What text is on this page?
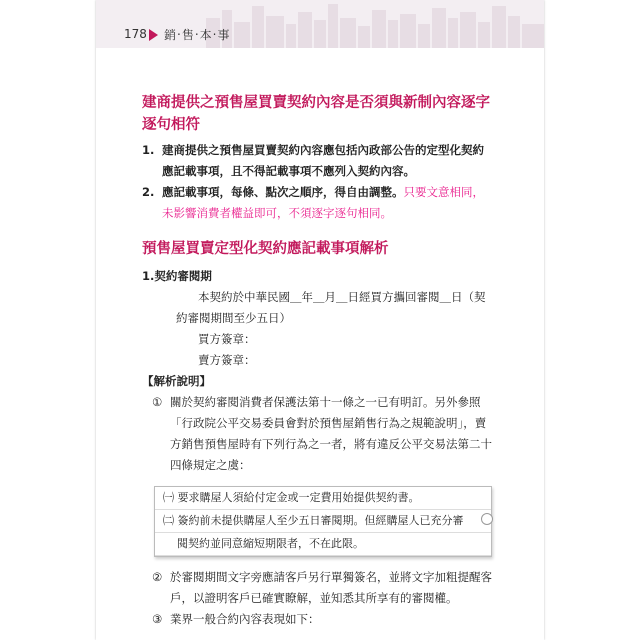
178 銷‧售‧本‧事
建商提供之預售屋買賣契約內容是否須與新制內容逐字逐句相符
1. 建商提供之預售屋買賣契約內容應包括內政部公告的定型化契約應記載事項，且不得記載事項不應列入契約內容。
2. 應記載事項，每條、點次之順序，得自由調整。只要文意相同，未影響消費者權益即可，不須逐字逐句相同。
預售屋買賣定型化契約應記載事項解析
1.契約審閱期
本契約於中華民國＿年＿月＿日經買方攜回審閱＿日（契約審閱期間至少五日）
買方簽章：
賣方簽章：
【解析說明】
① 關於契約審閱消費者保護法第十一條之一已有明訂。另外參照「行政院公平交易委員會對於預售屋銷售行為之規範說明」，賣方銷售預售屋時有下列行為之一者，將有違反公平交易法第二十四條規定之虞：
㈠ 要求購屋人須給付定金或一定費用始提供契約書。
㈡ 簽約前未提供購屋人至少五日審閱期。但經購屋人已充分審
閱契約並同意縮短期限者，不在此限。
② 於審閱期間文字旁應請客戶另行單獨簽名，並將文字加粗提醒客戶，以證明客戶已確實瞭解，並知悉其所享有的審閱權。
③ 業界一般合約內容表現如下：
